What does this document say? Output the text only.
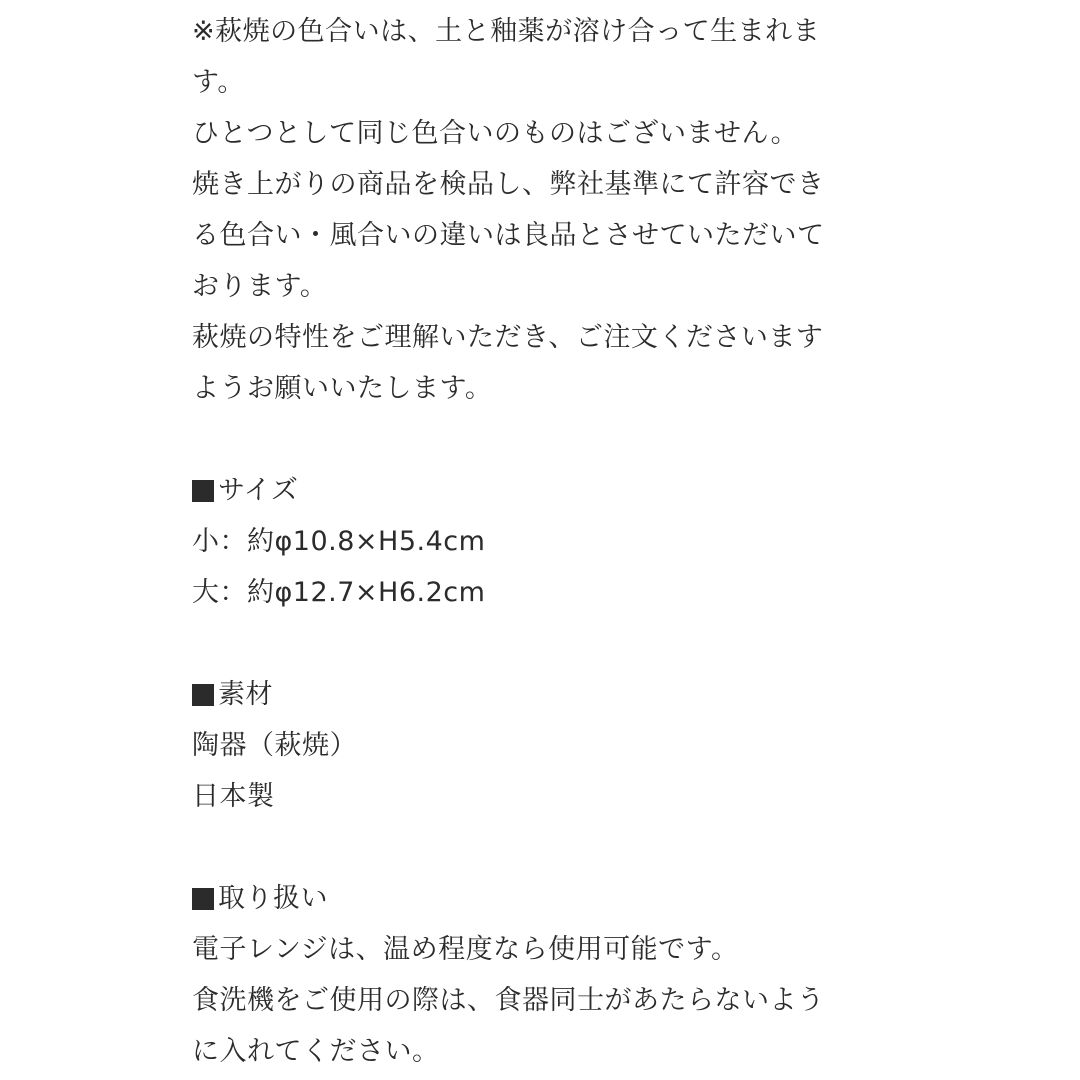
※萩焼の色合いは、土と釉薬が溶け合って生まれま
す。
ひとつとして同じ色合いのものはございません。
焼き上がりの商品を検品し、弊社基準にて許容でき
る色合い・風合いの違いは良品とさせていただいて
おります。
萩焼の特性をご理解いただき、ご注文くださいます
ようお願いいたします。
サイズ
小：約φ10.8×H5.4cm
大：約φ12.7×H6.2cm
素材
陶器（萩焼）
日本製
取り扱い
電子レンジは、温め程度なら使用可能です。
食洗機をご使用の際は、食器同士があたらないよう
に入れてください。
